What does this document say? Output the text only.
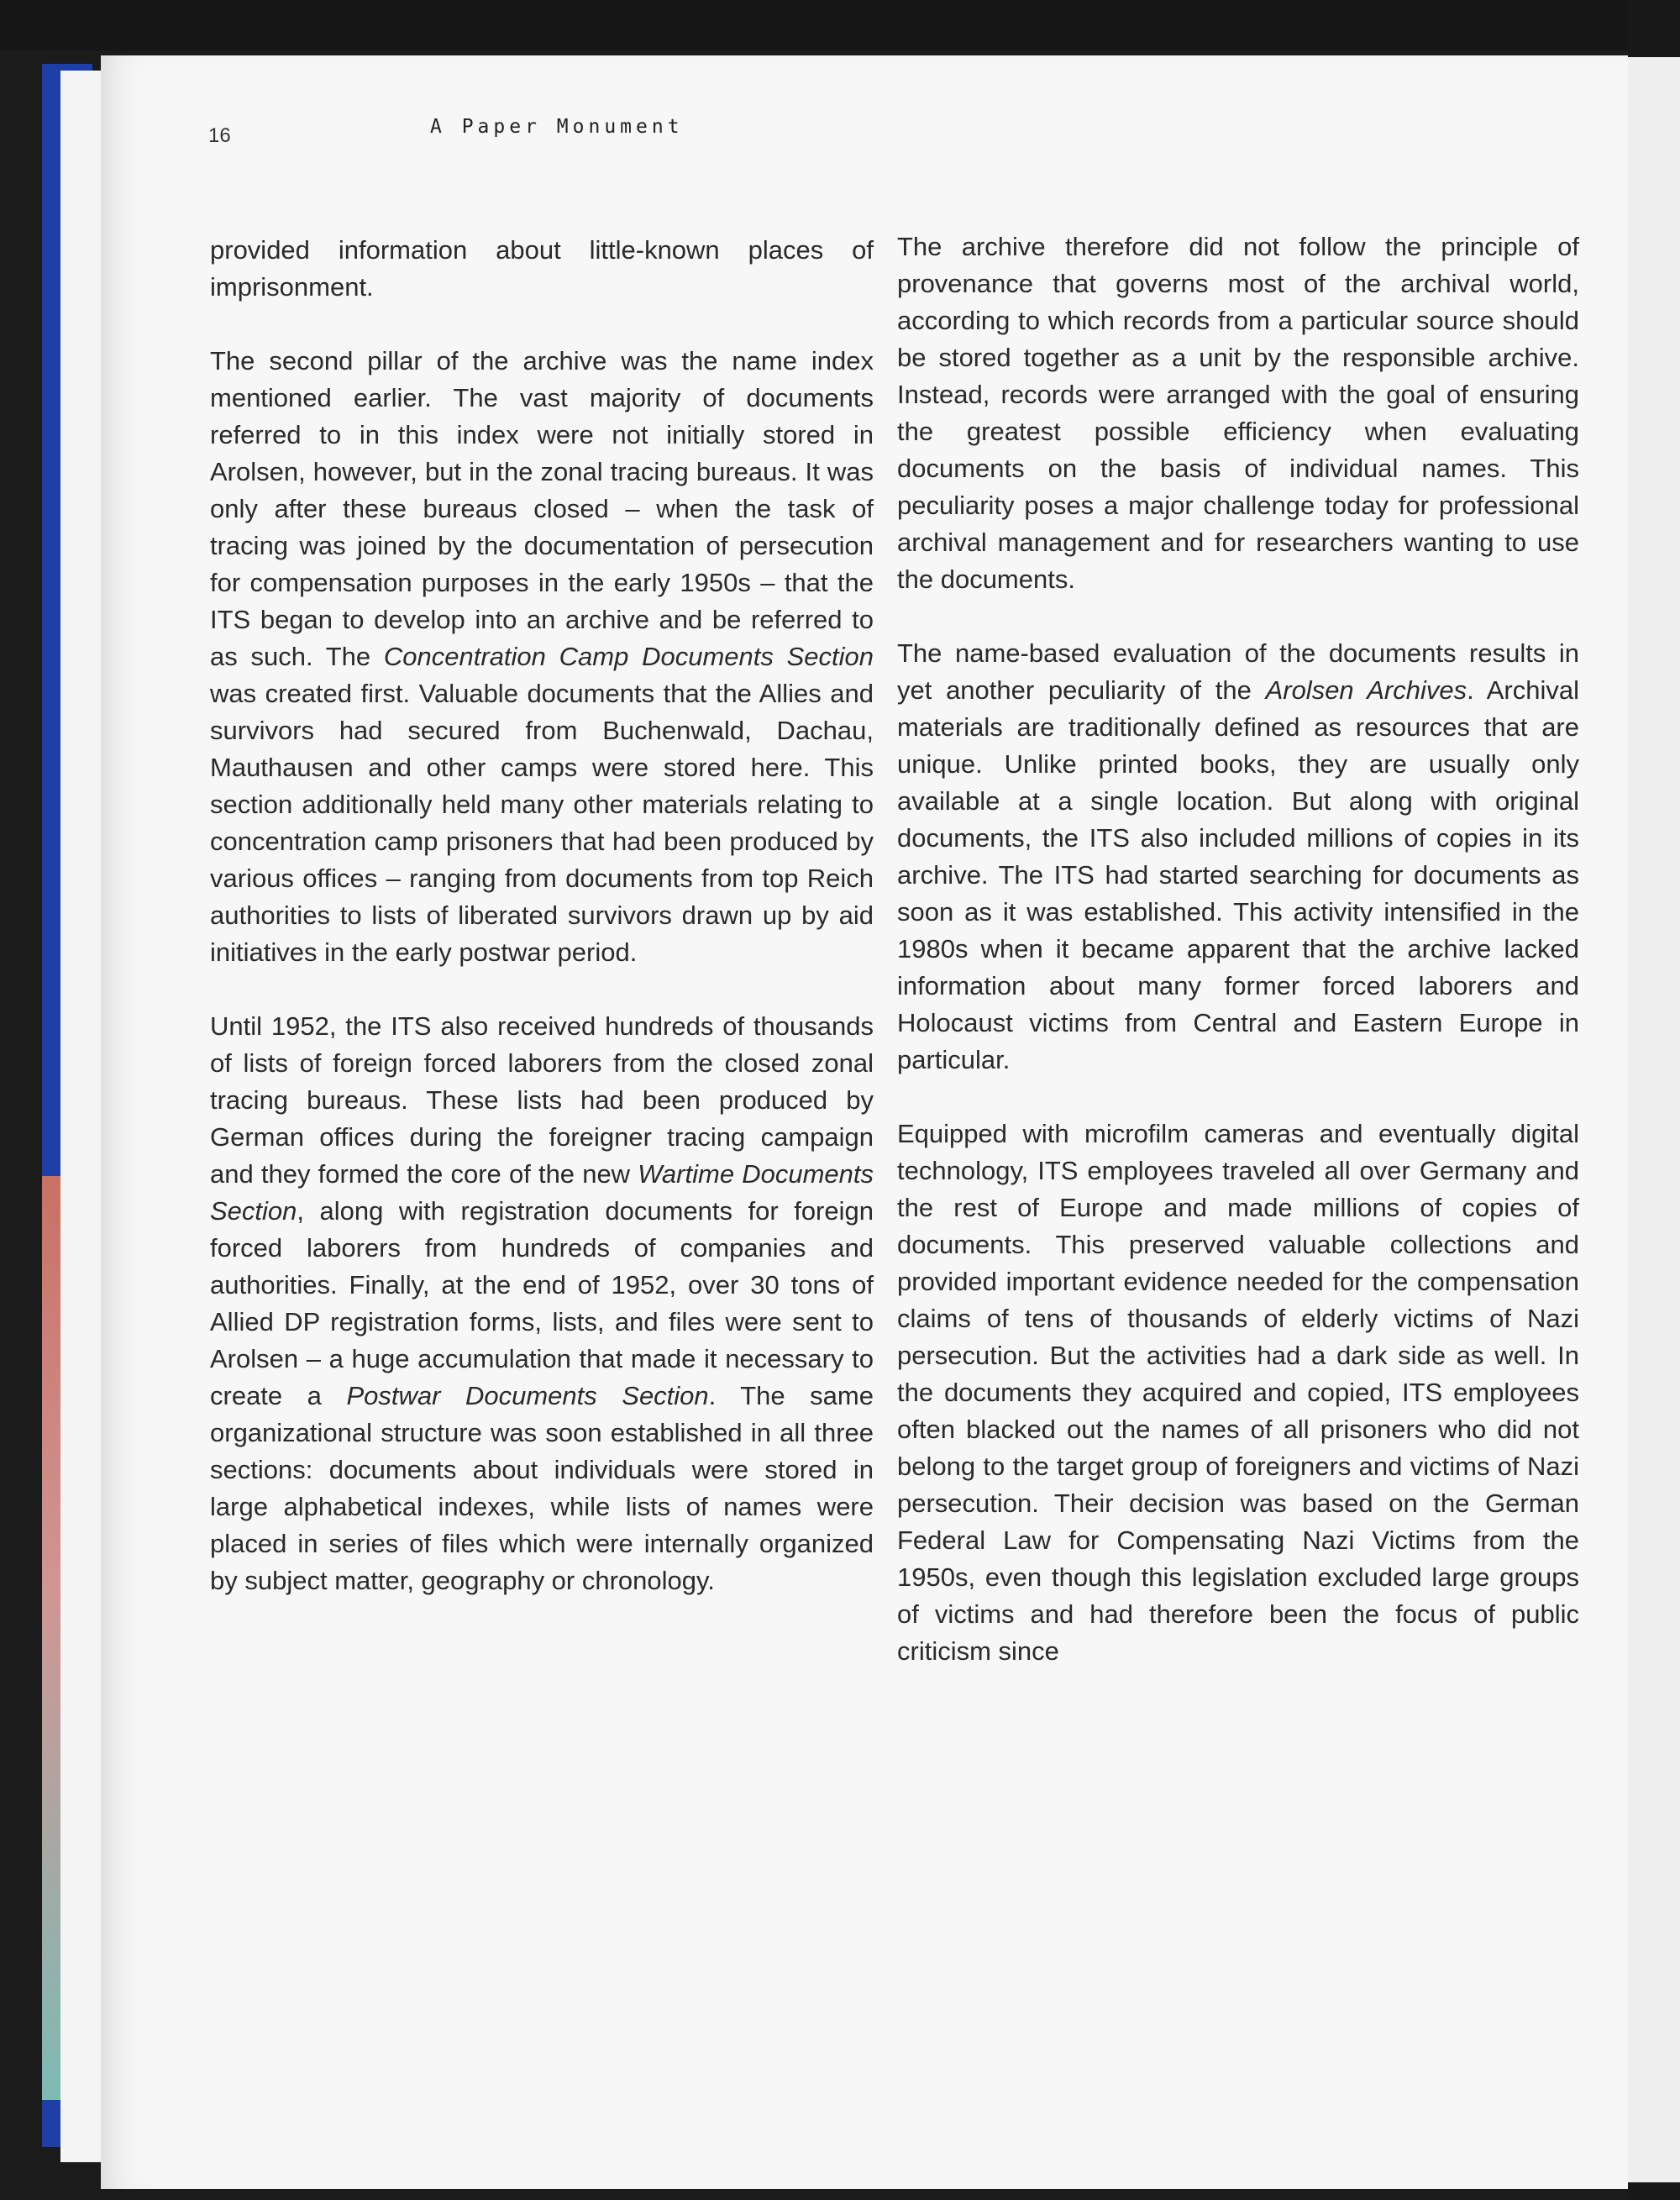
16	A Paper Monument

provided information about little-known places of imprisonment.

The second pillar of the archive was the name index mentioned earlier. The vast majority of documents referred to in this index were not initially stored in Arolsen, however, but in the zonal tracing bureaus. It was only after these bureaus closed – when the task of tracing was joined by the documentation of persecution for compensation purposes in the early 1950s – that the ITS began to develop into an archive and be referred to as such. The Concentration Camp Documents Section was created first. Valuable documents that the Allies and survivors had secured from Buchenwald, Dachau, Mauthausen and other camps were stored here. This section additionally held many other materials relating to concentration camp prisoners that had been produced by various offices – ranging from documents from top Reich authorities to lists of liberated survivors drawn up by aid initiatives in the early postwar period.

Until 1952, the ITS also received hundreds of thousands of lists of foreign forced laborers from the closed zonal tracing bureaus. These lists had been produced by German offices during the foreigner tracing campaign and they formed the core of the new Wartime Documents Section, along with registration documents for foreign forced laborers from hundreds of companies and authorities. Finally, at the end of 1952, over 30 tons of Allied DP registration forms, lists, and files were sent to Arolsen – a huge accumulation that made it necessary to create a Postwar Documents Section. The same organizational structure was soon established in all three sections: documents about individuals were stored in large alphabetical indexes, while lists of names were placed in series of files which were internally organized by subject matter, geography or chronology.

The archive therefore did not follow the principle of provenance that governs most of the archival world, according to which records from a particular source should be stored together as a unit by the responsible archive. Instead, records were arranged with the goal of ensuring the greatest possible efficiency when evaluating documents on the basis of individual names. This peculiarity poses a major challenge today for professional archival management and for researchers wanting to use the documents.

The name-based evaluation of the documents results in yet another peculiarity of the Arolsen Archives. Archival materials are traditionally defined as resources that are unique. Unlike printed books, they are usually only available at a single location. But along with original documents, the ITS also included millions of copies in its archive. The ITS had started searching for documents as soon as it was established. This activity intensified in the 1980s when it became apparent that the archive lacked information about many former forced laborers and Holocaust victims from Central and Eastern Europe in particular.

Equipped with microfilm cameras and eventually digital technology, ITS employees traveled all over Germany and the rest of Europe and made millions of copies of documents. This preserved valuable collections and provided important evidence needed for the compensation claims of tens of thousands of elderly victims of Nazi persecution. But the activities had a dark side as well. In the documents they acquired and copied, ITS employees often blacked out the names of all prisoners who did not belong to the target group of foreigners and victims of Nazi persecution. Their decision was based on the German Federal Law for Compensating Nazi Victims from the 1950s, even though this legislation excluded large groups of victims and had therefore been the focus of public criticism since
